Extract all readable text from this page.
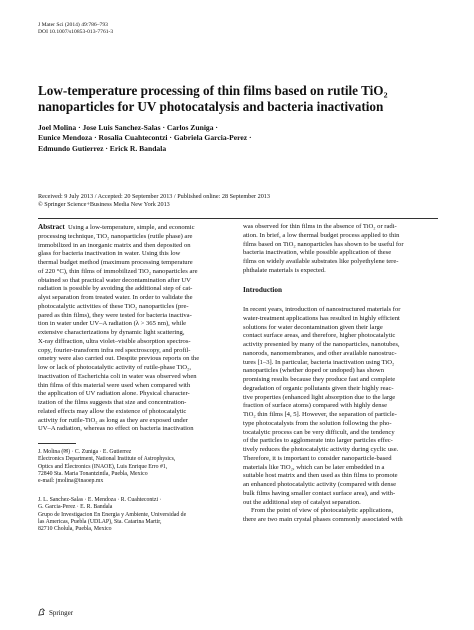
J Mater Sci (2014) 49:786–793
DOI 10.1007/s10853-013-7761-3
Low-temperature processing of thin films based on rutile TiO₂
nanoparticles for UV photocatalysis and bacteria inactivation
Joel Molina · Jose Luis Sanchez-Salas · Carlos Zuniga ·
Eunice Mendoza · Rosalia Cuahtecontzi · Gabriela Garcia-Perez ·
Edmundo Gutierrez · Erick R. Bandala
Received: 9 July 2013 / Accepted: 20 September 2013 / Published online: 28 September 2013
© Springer Science+Business Media New York 2013

Abstract Using a low-temperature, simple, and economic

processing technique, TiO₂ nanoparticles (rutile phase) are

immobilized in an inorganic matrix and then deposited on

glass for bacteria inactivation in water. Using this low

thermal budget method (maximum processing temperature

of 220 °C), thin films of immobilized TiO₂ nanoparticles are

obtained so that practical water decontamination after UV

radiation is possible by avoiding the additional step of cat-

alyst separation from treated water. In order to validate the

photocatalytic activities of these TiO₂ nanoparticles (pre-

pared as thin films), they were tested for bacteria inactiva-

tion in water under UV–A radiation (λ > 365 nm), while

extensive characterizations by dynamic light scattering,

X-ray diffraction, ultra violet–visible absorption spectros-

copy, fourier-transform infra red spectroscopy, and profil-

ometry were also carried out. Despite previous reports on the

low or lack of photocatalytic activity of rutile-phase TiO₂,

inactivation of Escherichia coli in water was observed when

thin films of this material were used when compared with

the application of UV radiation alone. Physical character-

ization of the films suggests that size and concentration-

related effects may allow the existence of photocatalytic

activity for rutile-TiO₂ as long as they are exposed under

UV–A radiation, whereas no effect on bacteria inactivation

was observed for thin films in the absence of TiO₂ or radi-

ation. In brief, a low thermal budget process applied to thin

films based on TiO₂ nanoparticles has shown to be useful for

bacteria inactivation, while possible application of these

films on widely available substrates like polyethylene tere-

phthalate materials is expected.

Introduction

In recent years, introduction of nanostructured materials for

water-treatment applications has resulted in highly efficient

solutions for water decontamination given their large

contact surface areas, and therefore, higher photocatalytic

activity presented by many of the nanoparticles, nanotubes,

nanorods, nanomembranes, and other available nanostruc-

tures [1–3]. In particular, bacteria inactivation using TiO₂

nanoparticles (whether doped or undoped) has shown

promising results because they produce fast and complete

degradation of organic pollutants given their highly reac-

tive properties (enhanced light absorption due to the large

fraction of surface atoms) compared with highly dense

TiO₂ thin films [4, 5]. However, the separation of particle-

type photocatalysts from the solution following the pho-

tocatalytic process can be very difficult, and the tendency

of the particles to agglomerate into larger particles effec-

tively reduces the photocatalytic activity during cyclic use.

Therefore, it is important to consider nanoparticle-based

materials like TiO₂, which can be later embedded in a

suitable host matrix and then used as thin films to promote

an enhanced photocatalytic activity (compared with dense

bulk films having smaller contact surface area), and with-

out the additional step of catalyst separation.

From the point of view of photocatalytic applications,

there are two main crystal phases commonly associated with

J. Molina (✉) · C. Zuniga · E. Gutierrez
Electronics Department, National Institute of Astrophysics,
Optics and Electronics (INAOE), Luis Enrique Erro #1,
72840 Sta. Maria Tonantzintla, Puebla, Mexico
e-mail: jmolina@inaoep.mx
J. L. Sanchez-Salas · E. Mendoza · R. Cuahtecontzi ·
G. Garcia-Perez · E. R. Bandala
Grupo de Investigacion En Energia y Ambiente, Universidad de
las Americas, Puebla (UDLAP), Sta. Catarina Martir,
82710 Cholula, Puebla, Mexico
Springer
